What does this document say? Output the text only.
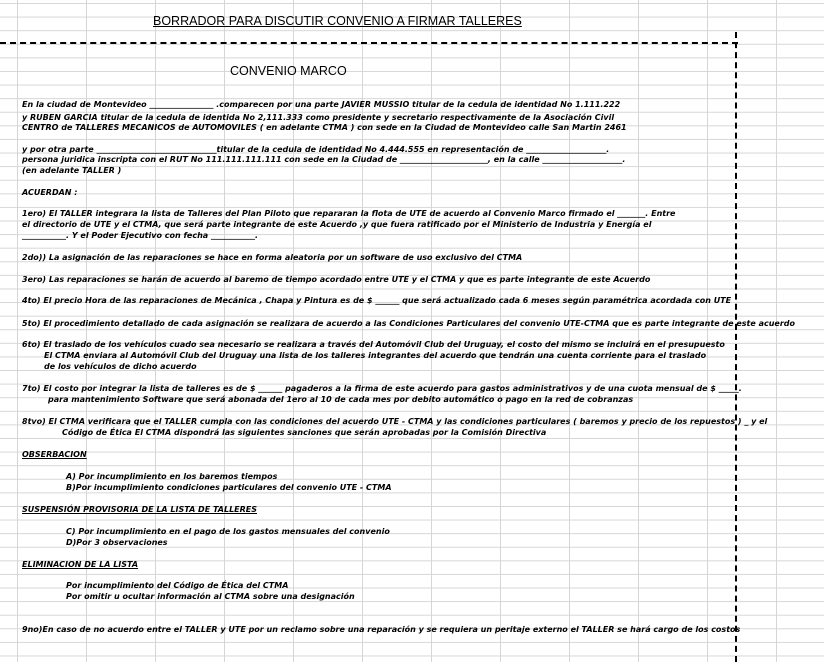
BORRADOR PARA DISCUTIR CONVENIO A FIRMAR TALLERES
CONVENIO MARCO
En la ciudad de Montevideo ________________ .comparecen por una parte JAVIER MUSSIO titular de la cedula de identidad No 1.111.222
y RUBEN GARCIA titular de la cedula de identida No 2,111.333 como presidente y secretario respectivamente de la Asociación Civil
CENTRO de TALLERES MECANICOS de AUTOMOVILES ( en adelante CTMA ) con sede en la Ciudad de Montevideo calle San Martin 2461
y por otra parte ______________________________titular de la cedula de identidad No 4.444.555 en representación de ____________________.
persona juridica inscripta con el RUT No 111.111.111.111 con sede en la Ciudad de ______________________, en la calle ____________________.
(en adelante TALLER )
ACUERDAN :
1ero) El TALLER integrara la lista de Talleres del Plan Piloto que repararan la flota de UTE de acuerdo al Convenio Marco firmado el _______. Entre
el directorio de UTE y el CTMA, que será parte integrante de este Acuerdo ,y que fuera ratificado por el Ministerio de Industria y Energía el
___________. Y el Poder Ejecutivo con fecha ___________.
2do)) La asignación de las reparaciones se hace en forma aleatoria por un software de uso exclusivo del CTMA
3ero) Las reparaciones se harán de acuerdo al baremo de tiempo acordado entre UTE y el CTMA y que es parte integrante de este Acuerdo
4to) El precio Hora de las reparaciones de Mecánica , Chapa y Pintura es de $ ______ que será actualizado cada 6 meses según paramétrica acordada con UTE
5to) El procedimiento detallado de cada asignación se realizara de acuerdo a las Condiciones Particulares del convenio UTE-CTMA que es parte integrante de este acuerdo
6to) El traslado de los vehículos cuado sea necesario se realizara a través del Automóvil Club del Uruguay, el costo del mismo se incluirá en el presupuesto
El CTMA enviara al Automóvil Club del Uruguay una lista de los talleres integrantes del acuerdo que tendrán una cuenta corriente para el traslado
de los vehículos de dicho acuerdo
7to) El costo por integrar la lista de talleres es de $ ______ pagaderos a la firma de este acuerdo para gastos administrativos y de una cuota mensual de $ _____.
para mantenimiento Software que será abonada del 1ero al 10 de cada mes por debito automático o pago en la red de cobranzas
8tvo) El CTMA verificara que el TALLER cumpla con las condiciones del acuerdo UTE - CTMA y las condiciones particulares ( baremos y precio de los repuestos ) _ y el
Código de Ética El CTMA dispondrá las siguientes sanciones que serán aprobadas por la Comisión Directiva
OBSERBACION
A) Por incumplimiento en los baremos tiempos
B)Por incumplimiento condiciones particulares del convenio UTE - CTMA
SUSPENSIÓN PROVISORIA DE LA LISTA DE TALLERES
C) Por incumplimiento en el pago de los gastos mensuales del convenio
D)Por 3 observaciones
ELIMINACION DE LA LISTA
Por incumplimiento del Código de Ética del CTMA
Por omitir u ocultar información al CTMA sobre una designación
9no)En caso de no acuerdo entre el TALLER y UTE por un reclamo sobre una reparación y se requiera un peritaje externo el TALLER se hará cargo de los costos
